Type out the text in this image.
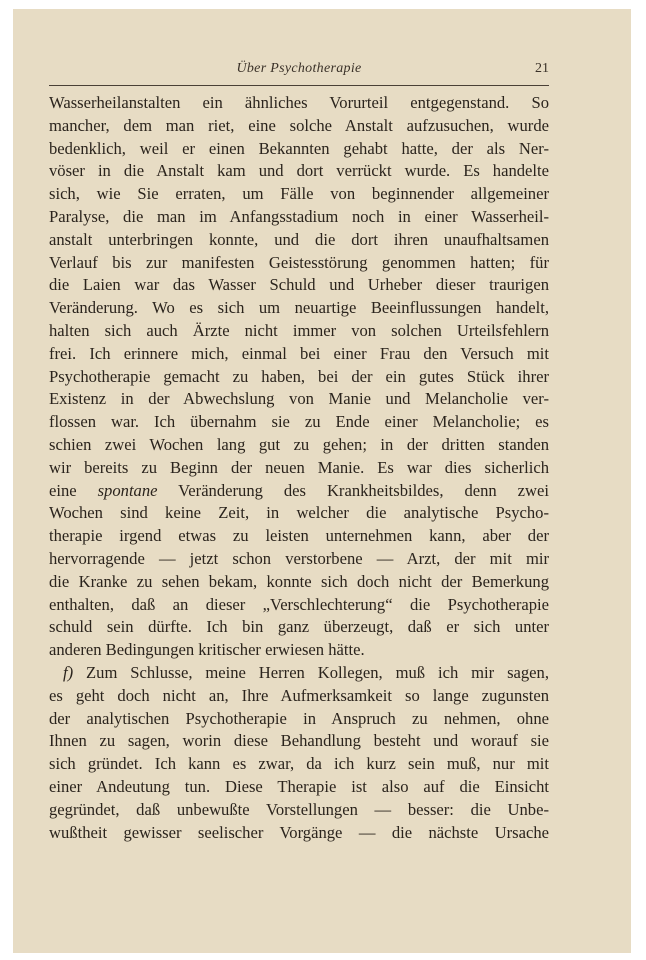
Über Psychotherapie	21
Wasserheilanstalten ein ähnliches Vorurteil entgegenstand. So
mancher, dem man riet, eine solche Anstalt aufzusuchen, wurde
bedenklich, weil er einen Bekannten gehabt hatte, der als Ner-
vöser in die Anstalt kam und dort verrückt wurde. Es handelte
sich, wie Sie erraten, um Fälle von beginnender allgemeiner
Paralyse, die man im Anfangsstadium noch in einer Wasserheil-
anstalt unterbringen konnte, und die dort ihren unaufhaltsamen
Verlauf bis zur manifesten Geistesstörung genommen hatten; für
die Laien war das Wasser Schuld und Urheber dieser traurigen
Veränderung. Wo es sich um neuartige Beeinflussungen handelt,
halten sich auch Ärzte nicht immer von solchen Urteilsfehlern
frei. Ich erinnere mich, einmal bei einer Frau den Versuch mit
Psychotherapie gemacht zu haben, bei der ein gutes Stück ihrer
Existenz in der Abwechslung von Manie und Melancholie ver-
flossen war. Ich übernahm sie zu Ende einer Melancholie; es
schien zwei Wochen lang gut zu gehen; in der dritten standen
wir bereits zu Beginn der neuen Manie. Es war dies sicherlich
eine spontane Veränderung des Krankheitsbildes, denn zwei
Wochen sind keine Zeit, in welcher die analytische Psycho-
therapie irgend etwas zu leisten unternehmen kann, aber der
hervorragende — jetzt schon verstorbene — Arzt, der mit mir
die Kranke zu sehen bekam, konnte sich doch nicht der Bemerkung
enthalten, daß an dieser „Verschlechterung“ die Psychotherapie
schuld sein dürfte. Ich bin ganz überzeugt, daß er sich unter
anderen Bedingungen kritischer erwiesen hätte.
f) Zum Schlusse, meine Herren Kollegen, muß ich mir sagen,
es geht doch nicht an, Ihre Aufmerksamkeit so lange zugunsten
der analytischen Psychotherapie in Anspruch zu nehmen, ohne
Ihnen zu sagen, worin diese Behandlung besteht und worauf sie
sich gründet. Ich kann es zwar, da ich kurz sein muß, nur mit
einer Andeutung tun. Diese Therapie ist also auf die Einsicht
gegründet, daß unbewußte Vorstellungen — besser: die Unbe-
wußtheit gewisser seelischer Vorgänge — die nächste Ursache
